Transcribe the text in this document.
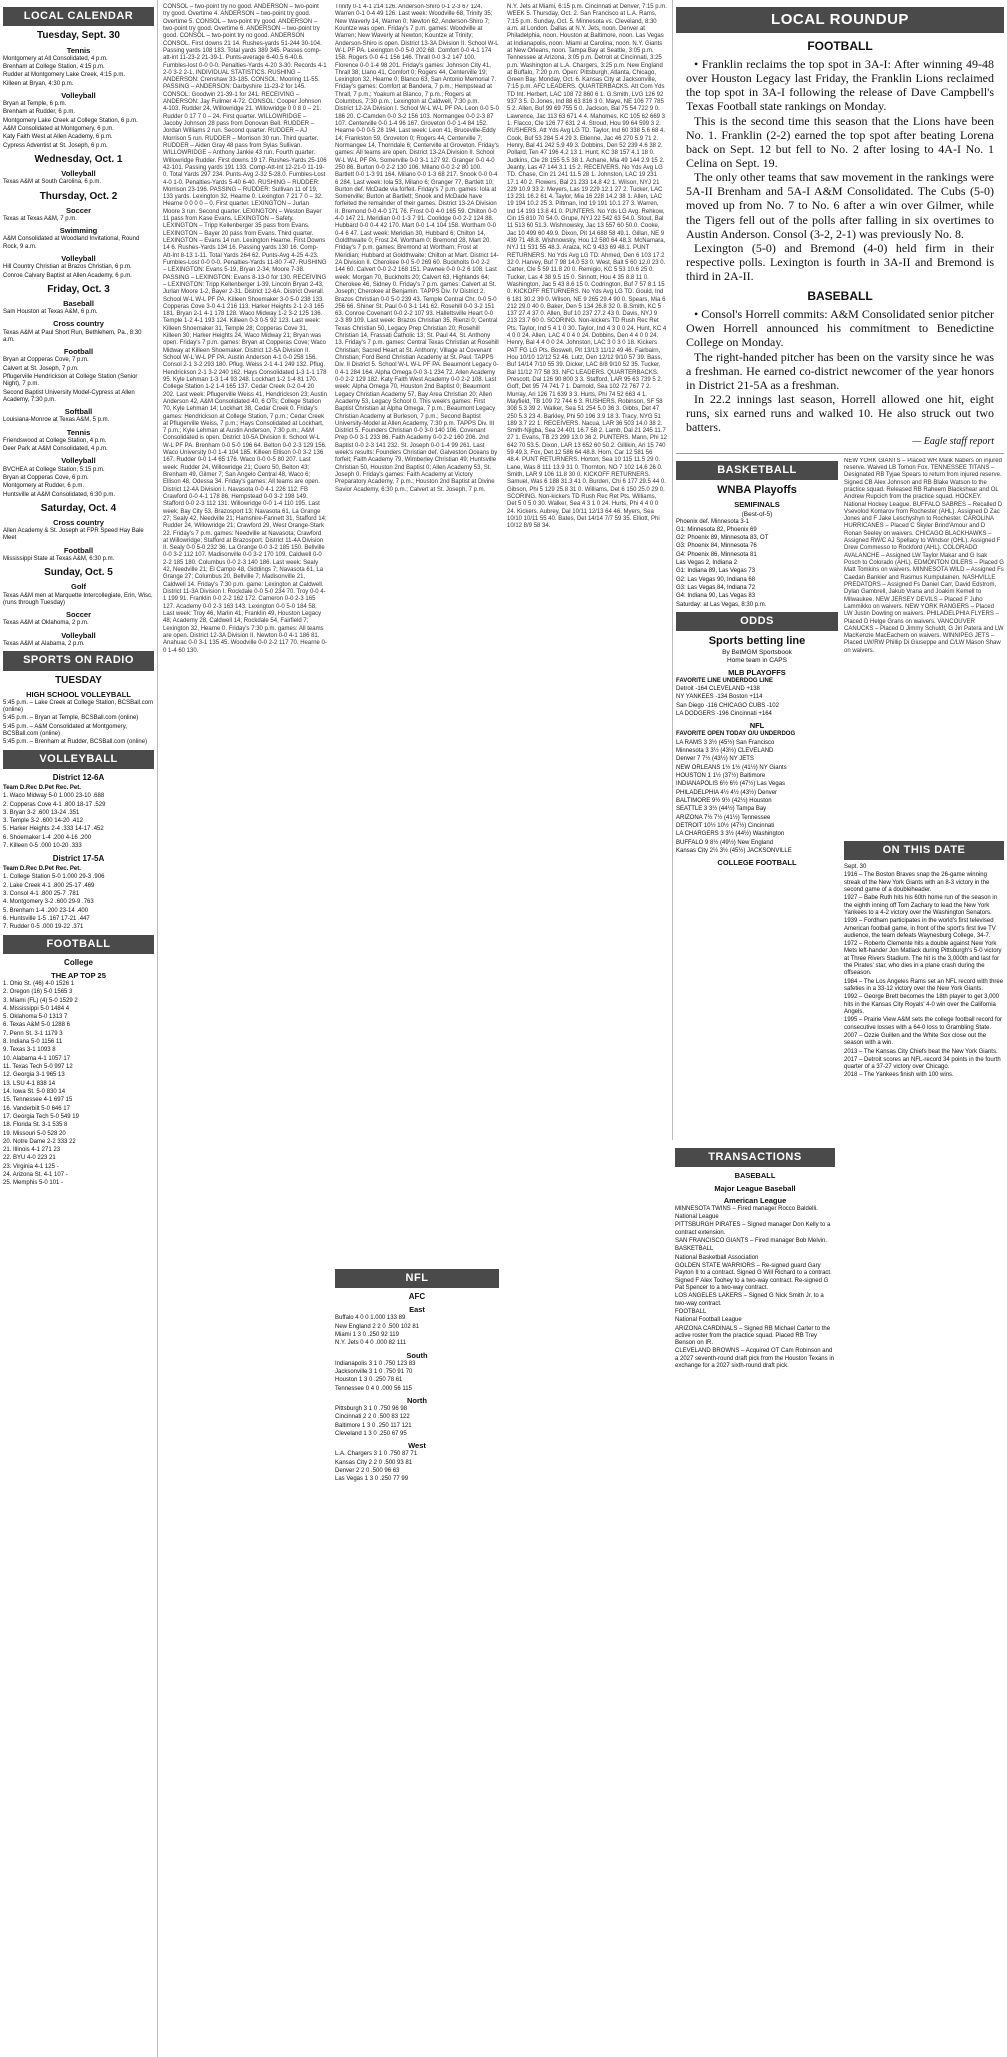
LOCAL CALENDAR
Tuesday, Sept. 30
Tennis

Montgomery at All Consolidated, 4 p.m.

Brenham at College Station, 4:15 p.m.

Rudder at Montgomery Lake Creek, 4:15 p.m.

Killeen at Bryan, 4:30 p.m.

Volleyball

Bryan at Temple, 6 p.m.

Brenham at Rudder, 6 p.m.

Montgomery Lake Creek at College Station, 6 p.m.

A&M Consolidated at Montgomery, 6 p.m.

Katy Faith West at Allen Academy, 6 p.m.

Cypress Adventist at St. Joseph, 6 p.m.

Wednesday, Oct. 1
Volleyball

Texas A&M at South Carolina, 6 p.m.

Thursday, Oct. 2
Soccer

Texas at Texas A&M, 7 p.m.

Swimming

A&M Consolidated at Woodland Invitational, Round Rock, 9 a.m.

Volleyball

Hill Country Christian at Brazos Christian, 6 p.m.

Conroe Calvary Baptist at Allen Academy, 6 p.m.

Friday, Oct. 3
Baseball

Sam Houston at Texas A&M, 6 p.m.

Cross country

Texas A&M at Paul Short Run, Bethlehem, Pa., 8:30 a.m.

Football

Bryan at Copperas Cove, 7 p.m.

Calvert at St. Joseph, 7 p.m.

Pflugerville Hendrickson at College Station (Senior Night), 7 p.m.

Second Baptist University Model-Cypress at Allen Academy, 7:30 p.m.

Softball

Louisiana-Monroe at Texas A&M, 5 p.m.

Tennis

Friendswood at College Station, 4 p.m.

Deer Park at A&M Consolidated, 4 p.m.

Volleyball

BVCHEA at College Station, 5:15 p.m.

Bryan at Copperas Cove, 6 p.m.

Montgomery at Rudder, 6 p.m.

Huntsville at A&M Consolidated, 6:30 p.m.

Saturday, Oct. 4
Cross country

Allen Academy & St. Joseph at FPR Speed Hay Bale Meet

Football

Mississippi State at Texas A&M, 6:30 p.m.

Sunday, Oct. 5
Golf

Texas A&M men at Marquette Intercollegiate, Erin, Wisc. (runs through Tuesday)

Soccer

Texas A&M at Oklahoma, 2 p.m.

Volleyball

Texas A&M at Alabama, 2 p.m.

SPORTS ON RADIO
TUESDAY
HIGH SCHOOL VOLLEYBALL

5:45 p.m. – Lake Creek at College Station, BCSBall.com (online)

5:45 p.m. – Bryan at Temple, BCSBall.com (online)

5:45 p.m. – A&M Consolidated at Montgomery, BCSBall.com (online)

5:45 p.m. – Brenham at Rudder, BCSBall.com (online)

VOLLEYBALL
District 12-6A

Team D.Rec D.Pet Rec. Pet.

1. Waco Midway 5-0 1.000 23-10 .688

2. Copperas Cove 4-1 .800 18-17 .529

3. Bryan 3-2 .600 13-24 .351

3. Temple 3-2 .600 14-20 .412

5. Harker Heights 2-4 .333 14-17 .452

6. Shoemaker 1-4 .200 4-16 .200

7. Killeen 0-5 .000 10-20 .333

District 17-5A

Team D.Rec D.Pet Rec. Pet.

1. College Station 5-0 1.000 29-3 .906

2. Lake Creek 4-1 .800 25-17 .469

3. Consol 4-1 .800 25-7 .781

4. Montgomery 3-2 .600 29-9 .763

5. Brenham 1-4 .200 23-14 .400

6. Huntsville 1-5 .167 17-21 .447

7. Rudder 0-5 .000 19-22 .371

FOOTBALL
College
THE AP TOP 25

1. Ohio St. (46) 4-0 1526 1

2. Oregon (16) 5-0 1565 3

3. Miami (FL) (4) 5-0 1529 2

4. Mississippi 5-0 1484 4

5. Oklahoma 5-0 1313 7

6. Texas A&M 5-0 1288 6

7. Penn St. 3-1 1179 3

8. Indiana 5-0 1156 11

9. Texas 3-1 1093 8

10. Alabama 4-1 1057 17

11. Texas Tech 5-0 997 12

12. Georgia 3-1 965 13

13. LSU 4-1 838 14

14. Iowa St. 5-0 830 14

15. Tennessee 4-1 697 15

16. Vanderbilt 5-0 646 17

17. Georgia Tech 5-0 549 19

18. Florida St. 3-1 535 8

19. Missouri 5-0 528 20

20. Notre Dame 2-2 333 22

21. Illinois 4-1 271 23

22. BYU 4-0 223 21

23. Virginia 4-1 125 -

24. Arizona St. 4-1 107 -

25. Memphis 5-0 101 -

CONSOL – two-point try no good. ANDERSON – two-point try good. Overtime 4. ANDERSON – two-point try good. Overtime 5. CONSOL – two-point try good. ANDERSON – two-point try good. Overtime 6. ANDERSON – two-point try good. CONSOL – two-point try no good. ANDERSON CONSOL. First downs 21 14. Rushes-yards 51-244 30-104. Passing yards 108 183. Total yards 389 345. Passes comp-att-int 11-23-2 21-39-1. Punts-average 6-40.5 6-40.6. Fumbles-lost 0-0 0-0. Penalties-Yards 4-20 3-30. Records 4-1 2-0 3-2 2-1. INDIVIDUAL STATISTICS. RUSHING – ANDERSON: Crenshaw 33-185. CONSOL: Mooring 11-55. PASSING – ANDERSON: Darbyshire 11-23-2 for 145. CONSOL: Goodwin 21-39-1 for 241. RECEIVING – ANDERSON: Jay Fullmer 4-72. CONSOL: Cooper Johnson 4-103. Rudder 24, Willowridge 21. Willowridge 0 0 8 0 – 21. Rudder 0 17 7 0 – 24. First quarter. WILLOWRIDGE – Jacoby Johnson 28 pass from Donovan Bell. RUDDER – Jordan Williams 2 run. Second quarter. RUDDER – AJ Morrison 5 run. RUDDER – Morrison 30 run. Third quarter. RUDDER – Aiden Gray 48 pass from Sylas Sullivan. WILLOWRIDGE – Anthony Jankie 43 run. Fourth quarter. Willowridge Rudder. First downs 19 17. Rushes-Yards 25-106 42-101. Passing yards 191 133. Comp-Att-Int 12-21-0 11-19-0. Total Yards 297 234. Punts-Avg 2-32 5-28.0. Fumbles-Lost 4-0 1-0. Penalties-Yards 5-40 6-40. RUSHING – RUDDER: Morrison 23-196. PASSING – RUDDER: Sullivan 11 of 19, 133 yards. Lexington 32, Hearne 0. Lexington 7 21 7 0 – 32. Hearne 0 0 0 0 – 0. First quarter. LEXINGTON – Jurlan Moore 3 run. Second quarter. LEXINGTON – Weston Bayer 11 pass from Kase Evans. LEXINGTON – Safety. LEXINGTON – Tripp Kellenberger 35 pass from Evans. LEXINGTON – Bayer 20 pass from Evans. Third quarter. LEXINGTON – Evans 14 run. Lexington Hearne. First Downs 14 6. Rushes-Yards 134 16. Passing yards 130 16. Comp-Att-Int 8-13 1-11. Total Yards 264 62. Punts-Avg 4-25 4-23. Fumbles-Lost 0-0 0-0. Penalties-Yards 11-80 7-47. RUSHING – LEXINGTON: Evans 5-19, Bryan 2-34, Moore 7-38. PASSING – LEXINGTON: Evans 8-13-0 for 130. RECEIVING – LEXINGTON: Tripp Kellenberger 1-39, Lincoln Bryan 2-43, Jurlan Moore 1-2, Bayer 2-31. District 12-6A. District Overall. School W-L W-L PF PA. Killeen Shoemaker 3-0 5-0 238 133. Copperas Cove 3-0 4-1 216 113. Harker Heights 2-1 2-3 165 181. Bryan 2-1 4-1 178 128. Waco Midway 1-2 3-2 125 136. Temple 1-2 4-1 193 124. Killeen 0-3 0-5 92 123. Last week: Killeen Shoemaker 31, Temple 28; Copperas Cove 31, Killeen 30; Harker Heights 24, Waco Midway 21; Bryan was open. Friday's 7 p.m. games: Bryan at Copperas Cove; Waco Midway at Killeen Shoemaker. District 12-5A Division II. School W-L W-L PF PA. Austin Anderson 4-1 0-0 258 156. Consol 2-1 3-2 293 180. Pflug. Weiss 2-1 4-1 249 132. Pflug. Hendrickson 2-1 3-2 240 162. Hays Consolidated 1-3 1-1 178 95. Kyle Lehman 1-3 1-4 93 248. Lockhart 1-2 1-4 81 170. College Station 1-2 1-4 165 137. Cedar Creek 0-2 0-4 20 202. Last week: Pflugerville Weiss 41, Hendrickson 23; Austin Anderson 42, A&M Consolidated 40, 6 OTs; College Station 70, Kyle Lehman 14; Lockhart 38, Cedar Creek 0. Friday's games: Hendrickson at College Station, 7 p.m.; Cedar Creek at Pflugerville Weiss, 7 p.m.; Hays Consolidated at Lockhart, 7 p.m.; Kyle Lehman at Austin Anderson, 7:30 p.m.; A&M Consolidated is open. District 10-5A Division II. School W-L W-L PF PA. Brenham 0-0 5-0 196 64. Belton 0-0 2-3 129 156. Waco University 0-0 1-4 104 185. Killeen Ellison 0-0 3-2 136 167. Rudder 0-0 1-4 65 176. Waco 0-0 0-5 80 207. Last week: Rudder 24, Willowridge 21; Cuero 50, Belton 43; Brenham 49, Gilmer 7; San Angelo Central 48, Waco 6; Ellison 48, Odessa 34. Friday's games: All teams are open. District 12-4A Division I. Navasota 0-0 4-1 226 112. FB Crawford 0-0 4-1 178 86. Hempstead 0-0 3-2 198 149. Stafford 0-0 2-3 112 131. Willowridge 0-0 1-4 110 195. Last week: Bay City 53, Brazosport 13; Navasota 61, La Grange 27; Sealy 42, Needville 21; Hamshire-Fannett 31, Stafford 14; Rudder 24, Willowridge 21; Crawford 29, West Orange-Stark 22. Friday's 7 p.m. games: Needville at Navasota; Crawford at Willowridge; Stafford at Brazosport. District 11-4A Division II. Sealy 0-0 5-0 232 36. La Grange 0-0 3-2 185 150. Bellville 0-0 3-2 112 107. Madisonville 0-0 3-2 170 109. Caldwell 0-0 2-2 185 180. Columbus 0-0 2-3 140 186. Last week: Sealy 42, Needville 21; El Campo 48, Giddings 7; Navasota 61, La Grange 27; Columbus 20, Bellville 7; Madisonville 21, Caldwell 14. Friday's 7:30 p.m. game: Lexington at Caldwell. District 11-3A Division I. Rockdale 0-0 5-0 234 70. Troy 0-0 4-1 199 91. Franklin 0-0 2-2 162 172. Cameron 0-0 2-3 165 127. Academy 0-0 2-3 163 143. Lexington 0-0 5-0 184 58. Last week: Troy 46, Marlin 41; Franklin 49, Houston Legacy 48; Academy 28, Caldwell 14; Rockdale 54, Fairfield 7; Lexington 32, Hearne 0. Friday's 7:30 p.m. games: All teams are open. District 12-3A Division II. Newton 0-0 4-1 186 81. Anahuac 0-0 3-1 135 45. Woodville 0-0 2-2 117 70. Hearne 0-0 1-4 60 130.
Trinity 0-1 4-1 214 126. Anderson-Shiro 0-1 2-3 67 124. Warren 0-1 0-4 49 126. Last week: Woodville 68, Trinity 35; New Waverly 14, Warren 0; Newton 62, Anderson-Shiro 7; Kountze was open. Friday's 7 p.m. games: Woodville at Warren; New Waverly at Newton; Kountze at Trinity; Anderson-Shiro is open. District 13-3A Division II. School W-L W-L PF PA. Lexington 0-0 5-0 202 68. Comfort 0-0 4-1 174 158. Rogers 0-0 4-1 156 146. Thrall 0-0 3-2 147 100. Florence 0-0 1-4 98 201. Friday's games: Johnson City 41, Thrall 38; Llano 41, Comfort 0; Rogers 44, Centerville 19; Lexington 32, Hearne 0; Blanco 63, San Antonio Memorial 7. Friday's games: Comfort at Bandera, 7 p.m.; Hempstead at Thrall, 7 p.m.; Yoakum at Blanco, 7 p.m.; Rogers at Columbus, 7:30 p.m.; Lexington at Caldwell, 7:30 p.m. District 12-2A Division I. School W-L W-L PF PA. Leon 0-0 5-0 186 20. C-Camden 0-0 3-2 156 103. Normangee 0-0 2-3 87 107. Centerville 0-0 1-4 96 167. Groveton 0-0 1-4 84 152. Hearne 0-0 0-5 28 194. Last week: Leon 41, Bruceville-Eddy 14; Frankston 59, Groveton 0; Rogers 44, Centerville 7; Normangee 14, Thorndale 6; Centerville at Groveton. Friday's games: All teams are open. District 13-2A Division II. School W-L W-L PF PA. Somerville 0-0 3-1 127 92. Granger 0-0 4-0 250 86. Burton 0-0 2-2 130 106. Milano 0-0 2-2 80 100. Bartlett 0-0 1-3 91 164. Milano 0-0 1-3 68 217. Snook 0-0 0-4 6 284. Last week: Iola 53, Milano 6; Granger 77, Bartlett 10; Burton def. McDade via forfeit. Friday's 7 p.m. games: Iola at Somerville; Burton at Bartlett; Snook and McDade have forfeited the remainder of their games. District 13-2A Division II. Bremond 0-0 4-0 171 76. Frost 0-0 4-0 165 59. Chilton 0-0 4-0 147 21. Meridian 0-0 1-3 7 91. Coolidge 0-0 2-2 124 88. Hubbard 0-0 0-4 42 170. Mart 0-0 1-4 104 158. Wortham 0-0 0-4 6 47. Last week: Meridian 30, Hubbard 6; Chilton 14, Goldthwaite 0; Frost 24, Wortham 0; Bremond 28, Mart 20. Friday's 7 p.m. games: Bremond at Wortham; Frost at Meridian; Hubbard at Goldthwaite; Chilton at Mart. District 14-2A Division II. Cherokee 0-0 5-0 269 60. Buckholts 0-0 2-2 144 60. Calvert 0-0 2-2 168 151. Pawnee 0-0 0-2 6 108. Last week: Morgan 70, Buckholts 20; Calvert 63, Highlands 64; Cherokee 46, Sidney 0. Friday's 7 p.m. games: Calvert at St. Joseph; Cherokee at Benjamin. TAPPS Div. IV District 2. Brazos Christian 0-0 5-0 239 43. Temple Central Chr. 0-0 5-0 256 66. Shiner St. Paul 0-0 3-1 141 62. Rosehill 0-0 3-2 151 63. Conroe Covenant 0-0 2-2 107 93. Hallettsville Heart 0-0 2-3 89 109. Last week: Brazos Christian 35, Rienzi 0; Central Texas Christian 50, Legacy Prep Christian 20; Rosehill Christian 14, Frassati Catholic 13; St. Paul 44, St. Anthony 13. Friday's 7 p.m. games: Central Texas Christian at Rosehill Christian; Sacred Heart at St. Anthony; Village at Covenant Christian; Ford Bend Christian Academy at St. Paul. TAPPS Div. II District 5. School W-L W-L PF PA. Beaumont Legacy 0-0 4-1 284 164. Alpha Omega 0-0 3-1 234 72. Allen Academy 0-0 2-2 129 182. Katy Faith West Academy 0-0 2-2 108. Last week: Alpha Omega 70, Houston 2nd Baptist 0; Beaumont Legacy Christian Academy 57, Bay Area Christian 20; Allen Academy 53, Legacy School 0. This week's games: First Baptist Christian at Alpha Omega, 7 p.m.; Beaumont Legacy Christian Academy at Burleson, 7 p.m.; Second Baptist University-Model at Allen Academy, 7:30 p.m. TAPPS Div. III District 5. Founders Christian 0-0 3-0 140 106. Covenant Prep 0-0 3-1 233 86. Faith Academy 0-0 2-2 160 206. 2nd Baptist 0-0 2-3 141 232. St. Joseph 0-0 1-4 99 261. Last week's results: Founders Christian def. Galveston Oceans by forfeit; Faith Academy 79, Wimberley Christian 49; Huntsville Christian 50, Houston 2nd Baptist 0; Allen Academy 53, St. Joseph 0. Friday's games: Faith Academy at Victory Preparatory Academy, 7 p.m.; Houston 2nd Baptist at Divine Savior Academy, 6:30 p.m.; Calvert at St. Joseph, 7 p.m.
NFL
AFC
East

Buffalo 4 0 0 1.000 133 89

New England 2 2 0 .500 102 81

Miami 1 3 0 .250 92 119

N.Y. Jets 0 4 0 .000 82 111

South

Indianapolis 3 1 0 .750 123 83

Jacksonville 3 1 0 .750 91 70

Houston 1 3 0 .250 78 61

Tennessee 0 4 0 .000 56 115

North

Pittsburgh 3 1 0 .750 96 98

Cincinnati 2 2 0 .500 83 122

Baltimore 1 3 0 .250 117 121

Cleveland 1 3 0 .250 67 95

West

L.A. Chargers 3 1 0 .750 87 71

Kansas City 2 2 0 .500 93 81

Denver 2 2 0 .500 96 63

Las Vegas 1 3 0 .250 77 99

N.Y. Jets at Miami, 6:15 p.m. Cincinnati at Denver, 7:15 p.m. WEEK 5. Thursday, Oct. 2. San Francisco at L.A. Rams, 7:15 p.m. Sunday, Oct. 5. Minnesota vs. Cleveland, 8:30 a.m. at London. Dallas at N.Y. Jets, noon. Denver at Philadelphia, noon. Houston at Baltimore, noon. Las Vegas at Indianapolis, noon. Miami at Carolina, noon. N.Y. Giants at New Orleans, noon. Tampa Bay at Seattle, 3:05 p.m. Tennessee at Arizona, 3:05 p.m. Detroit at Cincinnati, 3:25 p.m. Washington at L.A. Chargers, 3:25 p.m. New England at Buffalo, 7:20 p.m. Open: Pittsburgh, Atlanta, Chicago, Green Bay. Monday, Oct. 6. Kansas City at Jacksonville, 7:15 p.m. AFC LEADERS. QUARTERBACKS. Att Com Yds TD Int. Herbert, LAC 108 72 860 6 1. G.Smith, LVG 126 92 937 3 5. D.Jones, Ind 88 63 816 3 0. Maye, NE 106 77 785 5 2. Allen, Buf 99 69 755 5 0. Jackson, Bal 75 54 722 9 0. Lawrence, Jac 113 63 671 4 4. Mahomes, KC 105 62 669 3 1. Flacco, Cle 126 77 631 2 4. Stroud, Hou 99 64 599 3 2. RUSHERS. Att Yds Avg LG TD. Taylor, Ind 60 338 5.6 68 4. Cook, Buf 53 284 5.4 29 3. Etienne, Jac 46 270 5.9 71 2. Henry, Bal 41 242 5.9 49 3. Dobbins, Den 52 239 4.6 38 2. Pollard, Ten 47 196 4.2 13 1. Hunt, KC 38 157 4.1 18 0. Judkins, Cle 28 155 5.5 38 1. Achane, Mia 49 144 2.9 15 2. Jeanty, Las 47 144 3.1 15 2. RECEIVERS. No Yds Avg LG TD. Chase, Cin 21 241 11.5 28 1. Johnston, LAC 19 231 17.1 40 2. Flowers, Bal 21 233 14.8 42 1. Wilson, NYJ 21 229 10.9 33 2. Meyers, Las 19 229 12.1 27 2. Tucker, LAC 13 231 16.2 61 4. Taylor, Mia 16 228 14.2 38 1. Allen, LAC 19 194 10.2 25 3. Pittman, Ind 19 191 10.1 27 3. Warren, Ind 14 193 13.8 41 0. PUNTERS. No Yds LG Avg. Rehkow, Cin 15 810 70 54.0. Grupe, NYJ 22 542 63 54.0. Stout, Bal 11 513 60 51.3. Wishnowsky, Jac 13 557 60 50.0. Cooke, Jac 10 499 60 49.9. Dixon, Pit 14 688 58 49.1. Gillan, NE 9 439 71 48.8. Wishnowsky, Hou 12 580 64 48.3. McNamara, NYJ 11 531 55 48.3. Araiza, KC 9 433 69 48.1. PUNT RETURNERS. No Yds Avg LG TD. Ahmed, Den 6 103 17.2 32 0. Harvey, Buf 7 98 14.0 53 0. West, Balt 5 60 12.0 23 0. Carter, Cle 5 59 11.8 20 0. Remigio, KC 5 53 10.6 25 0. Tucker, Las 4 38 9.5 15 0. Sinnott, Hou 4 35 8.8 11 0. Washington, Jac 5 43 8.6 15 0. Codrington, Buf 7 57 8.1 15 0. KICKOFF RETURNERS. No Yds Avg LG TD. Gould, Ind 6 181 30.2 39 0. Wilson, NE 9 265 29.4 90 0. Spears, Mia 6 212 29.0 40 0. Baker, Den 5 134 26.8 32 0. B.Smith, KC 5 137 27.4 37 0. Allen, Buf 10 237 27.2 43 0. Davis, NYJ 9 213 23.7 60 0. SCORING. Non-kickers TD Rush Rec Ret Pts. Taylor, Ind 5 4 1 0 30. Taylor, Ind 4 3 0 0 24. Hunt, KC 4 4 0 0 24. Allen, LAC 4 0 4 0 24. Dobbins, Den 4 4 0 0 24. Henry, Bal 4 4 0 0 24. Johnston, LAC 3 0 3 0 18. Kickers PAT FG LG Pts. Boswell, Pit 13/13 11/12 49 46. Fairbairn, Hou 10/10 12/12 52 46. Lutz, Den 12/12 9/10 57 39. Bass, Buf 14/14 7/10 55 39. Dicker, LAC 8/8 9/10 52 35. Tucker, Bal 11/12 7/7 58 33. NFC LEADERS. QUARTERBACKS. Prescott, Dal 126 90 800 3 3. Stafford, LAR 95 63 739 5 2. Goff, Det 95 74 741 7 1. Darnold, Sea 102 72 767 7 2. Murray, Ari 126 71 639 3 3. Hurts, Phi 74 52 663 4 1. Mayfield, TB 109 72 744 6 3. RUSHERS. Robinson, SF 58 308 5.3 39 2. Walker, Sea 51 254 5.0 36 3. Gibbs, Det 47 250 5.3 23 4. Barkley, Phi 50 196 3.9 18 3. Tracy, NYG 51 189 3.7 22 1. RECEIVERS. Nacua, LAR 36 503 14.0 38 2. Smith-Njigba, Sea 24 401 16.7 58 2. Lamb, Dal 21 245 11.7 27 1. Evans, TB 23 299 13.0 36 2. PUNTERS. Mann, Phi 12 642 70 53.5. Dixon, LAR 13 652 60 50.2. Gillikin, Ari 15 740 59 49.3. Fox, Det 12 586 64 48.8. Horn, Car 12 581 56 48.4. PUNT RETURNERS. Horton, Sea 10 115 11.5 29 0. Lane, Was 8 111 13.9 31 0. Thornton, NO 7 102 14.6 26 0. Smith, LAR 9 106 11.8 30 0. KICKOFF RETURNERS. Samuel, Was 6 188 31.3 41 0. Burden, Chi 6 177 29.5 44 0. Gibson, Phi 5 129 25.8 31 0. Williams, Det 6 150 25.0 29 0. SCORING. Non-kickers TD Rush Rec Ret Pts. Williams, Det 5 0 5 0 30. Walker, Sea 4 3 1 0 24. Hurts, Phi 4 4 0 0 24. Kickers. Aubrey, Dal 10/11 12/13 64 46. Myers, Sea 10/10 10/11 55 40. Bates, Det 14/14 7/7 59 35. Elliott, Phi 10/12 8/9 58 34.
LOCAL ROUNDUP
FOOTBALL

• Franklin reclaims the top spot in 3A-I: After winning 49-48 over Houston Legacy last Friday, the Franklin Lions reclaimed the top spot in 3A-I following the release of Dave Campbell's Texas Football state rankings on Monday.

This is the second time this season that the Lions have been No. 1. Franklin (2-2) earned the top spot after beating Lorena back on Sept. 12 but fell to No. 2 after losing to 4A-I No. 1 Celina on Sept. 19.

The only other teams that saw movement in the rankings were 5A-II Brenham and 5A-I A&M Consolidated. The Cubs (5-0) moved up from No. 7 to No. 6 after a win over Gilmer, while the Tigers fell out of the polls after falling in six overtimes to Austin Anderson. Consol (3-2, 2-1) was previously No. 8.

Lexington (5-0) and Bremond (4-0) held firm in their respective polls. Lexington is fourth in 3A-II and Bremond is third in 2A-II.

BASEBALL

• Consol's Horrell commits: A&M Consolidated senior pitcher Owen Horrell announced his commitment to Benedictine College on Monday.

The right-handed pitcher has been on the varsity since he was a freshman. He earned co-district newcomer of the year honors in District 21-5A as a freshman.

In 22.2 innings last season, Horrell allowed one hit, eight runs, six earned runs and walked 10. He also struck out two batters.

— Eagle staff report
BASKETBALL
WNBA Playoffs
SEMIFINALS
(Best-of-5)

Phoenix def. Minnesota 3-1

G1: Minnesota 82, Phoenix 69

G2: Phoenix 89, Minnesota 83, OT

G3: Phoenix 84, Minnesota 76

G4: Phoenix 86, Minnesota 81

Las Vegas 2, Indiana 2

G1: Indiana 89, Las Vegas 73

G2: Las Vegas 90, Indiana 68

G3: Las Vegas 84, Indiana 72

G4: Indiana 90, Las Vegas 83

Saturday: at Las Vegas, 8:30 p.m.

ODDS
Sports betting line
By BetMGM Sportsbook
Home team in CAPS
MLB PLAYOFFS

FAVORITE LINE UNDERDOG LINE

Detroit -164 CLEVELAND +138

NY YANKEES -134 Boston +114

San Diego -116 CHICAGO CUBS -102

LA DODGERS -196 Cincinnati +164

NFL

FAVORITE OPEN TODAY O/U UNDERDOG

LA RAMS 3 3½ (45½) San Francisco

Minnesota 3 3½ (43½) CLEVELAND

Denver 7 7½ (43½) NY JETS

NEW ORLEANS 1½ 1½ (41½) NY Giants

HOUSTON 1 1½ (37½) Baltimore

INDIANAPOLIS 6½ 6½ (47½) Las Vegas

PHILADELPHIA 4½ 4½ (43½) Denver

BALTIMORE 9½ 9½ (42½) Houston

SEATTLE 3 3½ (44½) Tampa Bay

ARIZONA 7½ 7½ (41½) Tennessee

DETROIT 10½ 10½ (47½) Cincinnati

LA CHARGERS 3 3½ (44½) Washington

BUFFALO 9 8½ (49½) New England

Kansas City 2½ 3½ (45½) JACKSONVILLE

COLLEGE FOOTBALL
NEW YORK GIANTS – Placed WR Malik Nabers on injured reserve. Waived LB Tomon Fox. TENNESSEE TITANS – Designated RB Tyjae Spears to return from injured reserve. Signed CB Alex Johnson and RB Blake Watson to the practice squad. Released RB Raheem Blackshear and OL Andrew Rupcich from the practice squad. HOCKEY. National Hockey League. BUFFALO SABRES – Recalled D Vsevolod Komarov from Rochester (AHL). Assigned D Zac Jones and F Jake Leschyshyn to Rochester. CAROLINA HURRICANES – Placed C Skyler Brind'Amour and D Ronan Seeley on waivers. CHICAGO BLACKHAWKS – Assigned RW/C AJ Spellacy to Windsor (OHL). Assigned F Drew Commesso to Rockford (AHL). COLORADO AVALANCHE – Assigned LW Taylor Makar and G Isak Posch to Colorado (AHL). EDMONTON OILERS – Placed G Matt Tomkins on waivers. MINNESOTA WILD – Assigned Fs Caedan Bankier and Rasmus Kumpulainen. NASHVILLE PREDATORS – Assigned Fs Daniel Carr, David Edstrom, Dylan Gambrell, Jakub Vrana and Joakim Kemell to Milwaukee. NEW JERSEY DEVILS – Placed F Juho Lammikko on waivers. NEW YORK RANGERS – Placed LW Justin Dowling on waivers. PHILADELPHIA FLYERS – Placed D Helge Grans on waivers. VANCOUVER CANUCKS – Placed D Jimmy Schuldt, G Jiri Patera and LW MacKenzie MacEachern on waivers. WINNIPEG JETS – Placed LW/RW Phillip Di Giuseppe and C/LW Mason Shaw on waivers.
ON THIS DATE

Sept. 30

1916 – The Boston Braves snap the 26-game winning streak of the New York Giants with an 8-3 victory in the second game of a doubleheader.

1927 – Babe Ruth hits his 60th home run of the season in the eighth inning off Tom Zachary to lead the New York Yankees to a 4-2 victory over the Washington Senators.

1939 – Fordham participates in the world's first televised American football game, in front of the sport's first live TV audience, the team defeats Waynesburg College, 34-7.

1972 – Roberto Clemente hits a double against New York Mets left-hander Jon Matlack during Pittsburgh's 5-0 victory at Three Rivers Stadium. The hit is the 3,000th and last for the Pirates' star, who dies in a plane crash during the offseason.

1984 – The Los Angeles Rams set an NFL record with three safeties in a 33-12 victory over the New York Giants.

1992 – George Brett becomes the 18th player to get 3,000 hits in the Kansas City Royals' 4-0 win over the California Angels.

1995 – Prairie View A&M sets the college football record for consecutive losses with a 64-0 loss to Grambling State.

2007 – Ozzie Guillen and the White Sox close out the season with a win.

2013 – The Kansas City Chiefs beat the New York Giants.

2017 – Detroit scores an NFL-record 34 points in the fourth quarter of a 37-27 victory over Chicago.

2018 – The Yankees finish with 100 wins.

TRANSACTIONS
BASEBALL
Major League Baseball
American League

MINNESOTA TWINS – Fired manager Rocco Baldelli.

National League

PITTSBURGH PIRATES – Signed manager Don Kelly to a contract extension.

SAN FRANCISCO GIANTS – Fired manager Bob Melvin.

BASKETBALL

National Basketball Association

GOLDEN STATE WARRIORS – Re-signed guard Gary Payton II to a contract. Signed G Will Richard to a contract. Signed F Alex Toohey to a two-way contract. Re-signed G Pat Spencer to a two-way contract.

LOS ANGELES LAKERS – Signed G Nick Smith Jr. to a two-way contract.

FOOTBALL

National Football League

ARIZONA CARDINALS – Signed RB Michael Carter to the active roster from the practice squad. Placed RB Trey Benson on IR.

CLEVELAND BROWNS – Acquired OT Cam Robinson and a 2027 seventh-round draft pick from the Houston Texans in exchange for a 2027 sixth-round draft pick.
